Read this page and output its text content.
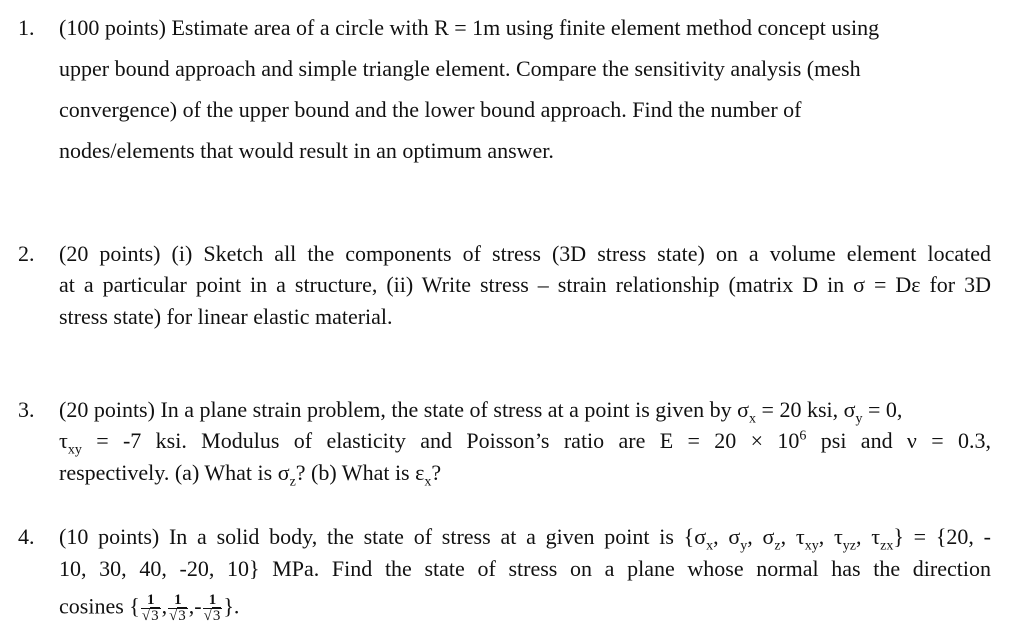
1. (100 points) Estimate area of a circle with R = 1m using finite element method concept using
upper bound approach and simple triangle element. Compare the sensitivity analysis (mesh
convergence) of the upper bound and the lower bound approach. Find the number of
nodes/elements that would result in an optimum answer.
2. (20 points) (i) Sketch all the components of stress (3D stress state) on a volume element located
at a particular point in a structure, (ii) Write stress – strain relationship (matrix D in σ = Dε for 3D
stress state) for linear elastic material.
3. (20 points) In a plane strain problem, the state of stress at a point is given by $\sigma_x = 20$ ksi, $\sigma_y = 0$,
$\tau_{xy} = -7$ ksi. Modulus of elasticity and Poisson’s ratio are $E = 20 \times 10^6$ psi and ν = 0.3,
respectively. (a) What is $\sigma_z$? (b) What is $\varepsilon_x$?
4. (10 points) In a solid body, the state of stress at a given point is {$\sigma_x$, $\sigma_y$, $\sigma_z$, $\tau_{xy}$, $\tau_{yz}$, $\tau_{zx}\} = \{20$, -
10, 30, 40, -20, 10} MPa. Find the state of stress on a plane whose normal has the direction
cosines { $\frac{1}{√3}$ , $\frac{1}{√3}$ ,- $\frac{1}{√3}$ }.
